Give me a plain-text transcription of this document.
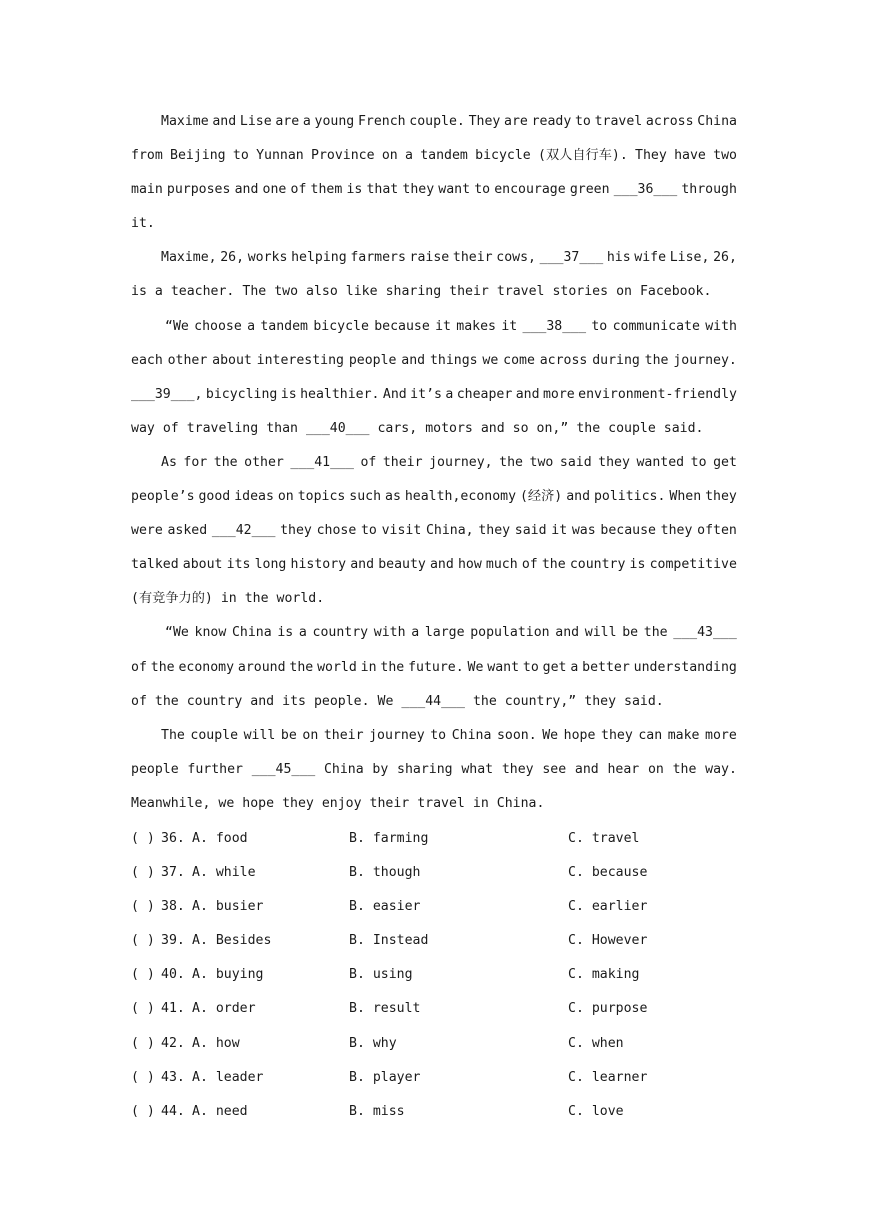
Maxime and Lise are a young French couple. They are ready to travel across China
from Beijing to Yunnan Province on a tandem bicycle (双人自行车). They have two
main purposes and one of them is that they want to encourage green ___36___ through
it.
Maxime, 26, works helping farmers raise their cows, ___37___ his wife Lise, 26,
is a teacher. The two also like sharing their travel stories on Facebook.
“We choose a tandem bicycle because it makes it ___38___ to communicate with
each other about interesting people and things we come across during the journey.
___39___, bicycling is healthier. And it’s a cheaper and more environment-friendly
way of traveling than ___40___ cars, motors and so on,” the couple said.
As for the other ___41___ of their journey, the two said they wanted to get
people’s good ideas on topics such as health,economy (经济) and politics. When they
were asked ___42___ they chose to visit China, they said it was because they often
talked about its long history and beauty and how much of the country is competitive
(有竞争力的) in the world.
“We know China is a country with a large population and will be the ___43___
of the economy around the world in the future. We want to get a better understanding
of the country and its people. We ___44___ the country,” they said.
The couple will be on their journey to China soon. We hope they can make more
people further ___45___ China by sharing what they see and hear on the way.
Meanwhile, we hope they enjoy their travel in China.
( ) 36. A. food	B. farming	C. travel
( ) 37. A. while	B. though	C. because
( ) 38. A. busier	B. easier	C. earlier
( ) 39. A. Besides	B. Instead	C. However
( ) 40. A. buying	B. using	C. making
( ) 41. A. order	B. result	C. purpose
( ) 42. A. how	B. why	C. when
( ) 43. A. leader	B. player	C. learner
( ) 44. A. need	B. miss	C. love
